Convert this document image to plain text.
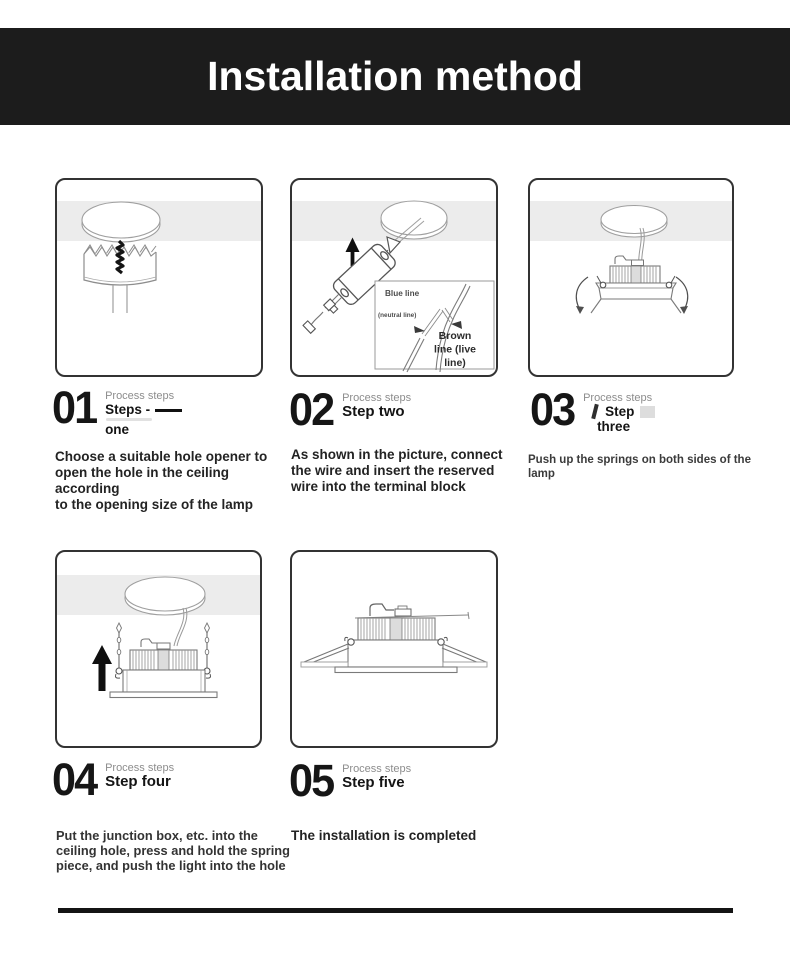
Installation method
Blue line
(neutral line)
Brown
line (live
line)
01 Process steps
Steps -
one	02 Process steps
Step two	03 Process steps
Step
three
04 Process steps
Step four	05 Process steps
Step five
Choose a suitable hole opener to
open the hole in the ceiling according
to the opening size of the lamp
As shown in the picture, connect
the wire and insert the reserved
wire into the terminal block
Push up the springs on both sides of the lamp
Put the junction box, etc. into the
ceiling hole, press and hold the spring
piece, and push the light into the hole
The installation is completed
